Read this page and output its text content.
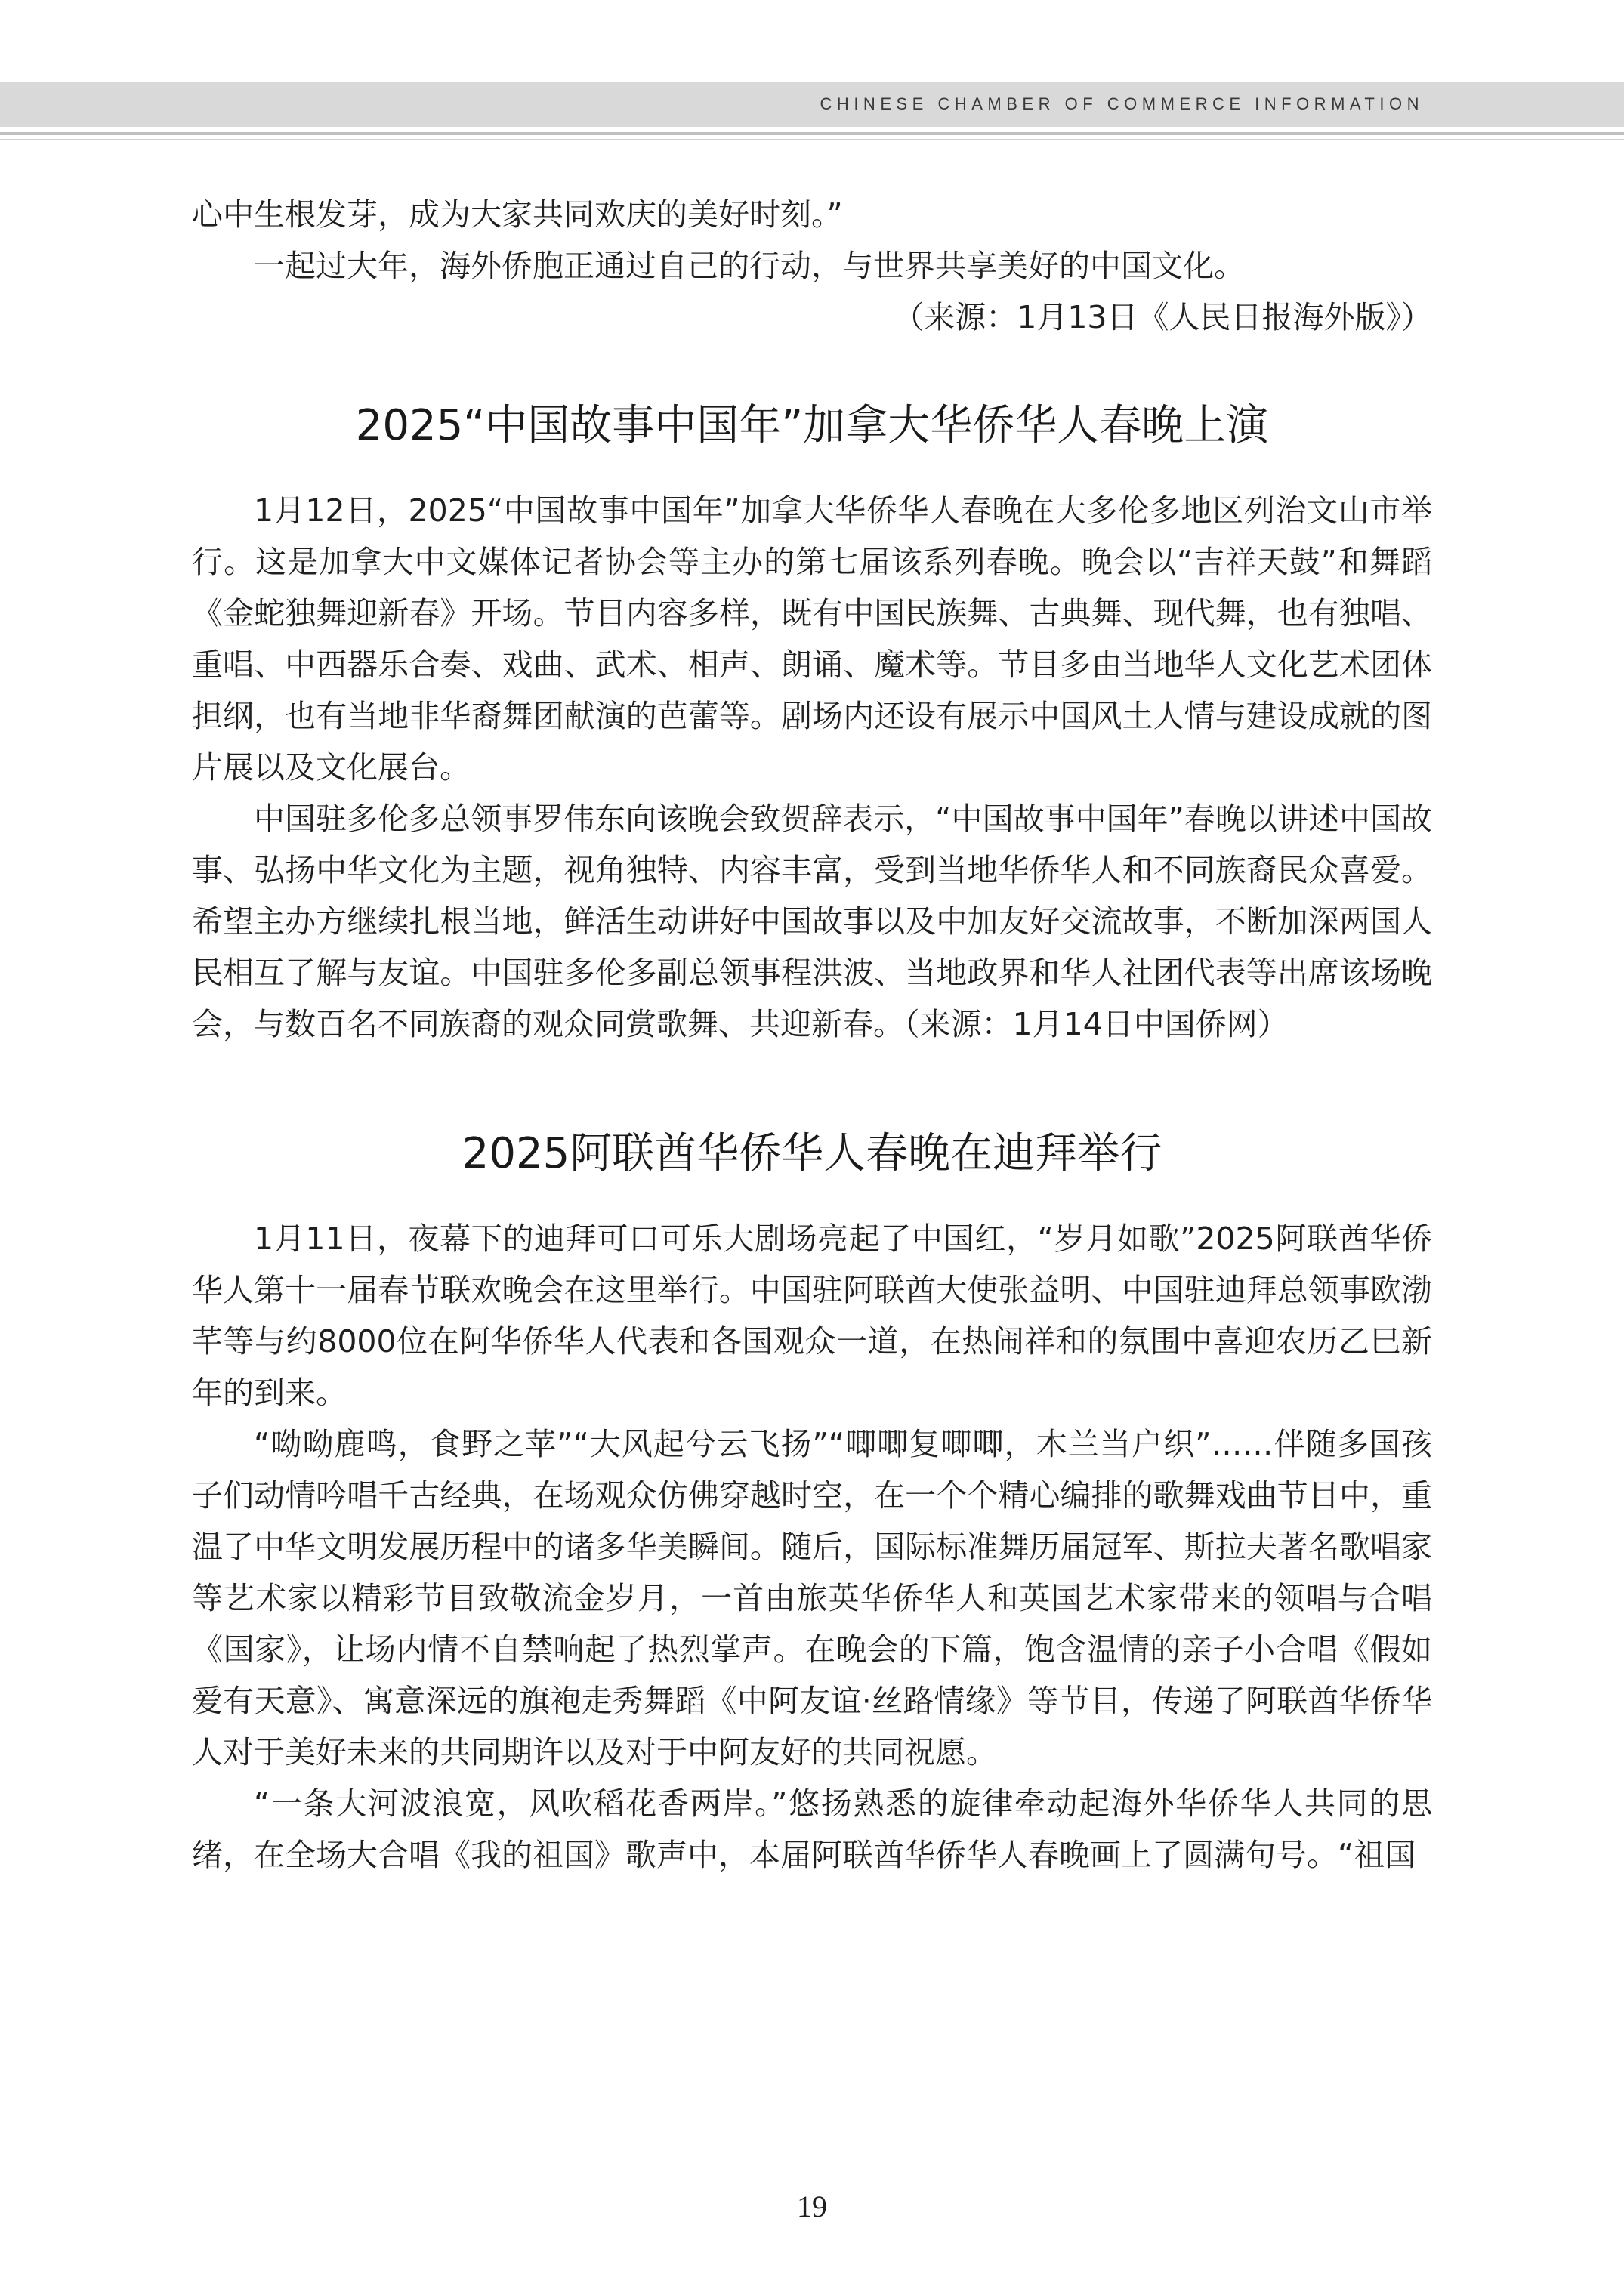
CHINESE CHAMBER OF COMMERCE INFORMATION

心中生根发芽，成为大家共同欢庆的美好时刻。”

一起过大年，海外侨胞正通过自己的行动，与世界共享美好的中国文化。

（来源：1月13日《人民日报海外版》）

2025“中国故事中国年”加拿大华侨华人春晚上演

1月12日，2025“中国故事中国年”加拿大华侨华人春晚在大多伦多地区列治文山市举行。这是加拿大中文媒体记者协会等主办的第七届该系列春晚。晚会以“吉祥天鼓”和舞蹈《金蛇独舞迎新春》开场。节目内容多样，既有中国民族舞、古典舞、现代舞，也有独唱、重唱、中西器乐合奏、戏曲、武术、相声、朗诵、魔术等。节目多由当地华人文化艺术团体担纲，也有当地非华裔舞团献演的芭蕾等。剧场内还设有展示中国风土人情与建设成就的图片展以及文化展台。

中国驻多伦多总领事罗伟东向该晚会致贺辞表示，“中国故事中国年”春晚以讲述中国故事、弘扬中华文化为主题，视角独特、内容丰富，受到当地华侨华人和不同族裔民众喜爱。希望主办方继续扎根当地，鲜活生动讲好中国故事以及中加友好交流故事，不断加深两国人民相互了解与友谊。中国驻多伦多副总领事程洪波、当地政界和华人社团代表等出席该场晚会，与数百名不同族裔的观众同赏歌舞、共迎新春。（来源：1月14日中国侨网）

2025阿联酋华侨华人春晚在迪拜举行

1月11日，夜幕下的迪拜可口可乐大剧场亮起了中国红，“岁月如歌”2025阿联酋华侨华人第十一届春节联欢晚会在这里举行。中国驻阿联酋大使张益明、中国驻迪拜总领事欧渤芊等与约8000位在阿华侨华人代表和各国观众一道，在热闹祥和的氛围中喜迎农历乙巳新年的到来。

“呦呦鹿鸣，食野之苹”“大风起兮云飞扬”“唧唧复唧唧，木兰当户织”……伴随多国孩子们动情吟唱千古经典，在场观众仿佛穿越时空，在一个个精心编排的歌舞戏曲节目中，重温了中华文明发展历程中的诸多华美瞬间。随后，国际标准舞历届冠军、斯拉夫著名歌唱家等艺术家以精彩节目致敬流金岁月，一首由旅英华侨华人和英国艺术家带来的领唱与合唱《国家》，让场内情不自禁响起了热烈掌声。在晚会的下篇，饱含温情的亲子小合唱《假如爱有天意》、寓意深远的旗袍走秀舞蹈《中阿友谊·丝路情缘》等节目，传递了阿联酋华侨华人对于美好未来的共同期许以及对于中阿友好的共同祝愿。

“一条大河波浪宽，风吹稻花香两岸。”悠扬熟悉的旋律牵动起海外华侨华人共同的思绪，在全场大合唱《我的祖国》歌声中，本届阿联酋华侨华人春晚画上了圆满句号。“祖国

19
